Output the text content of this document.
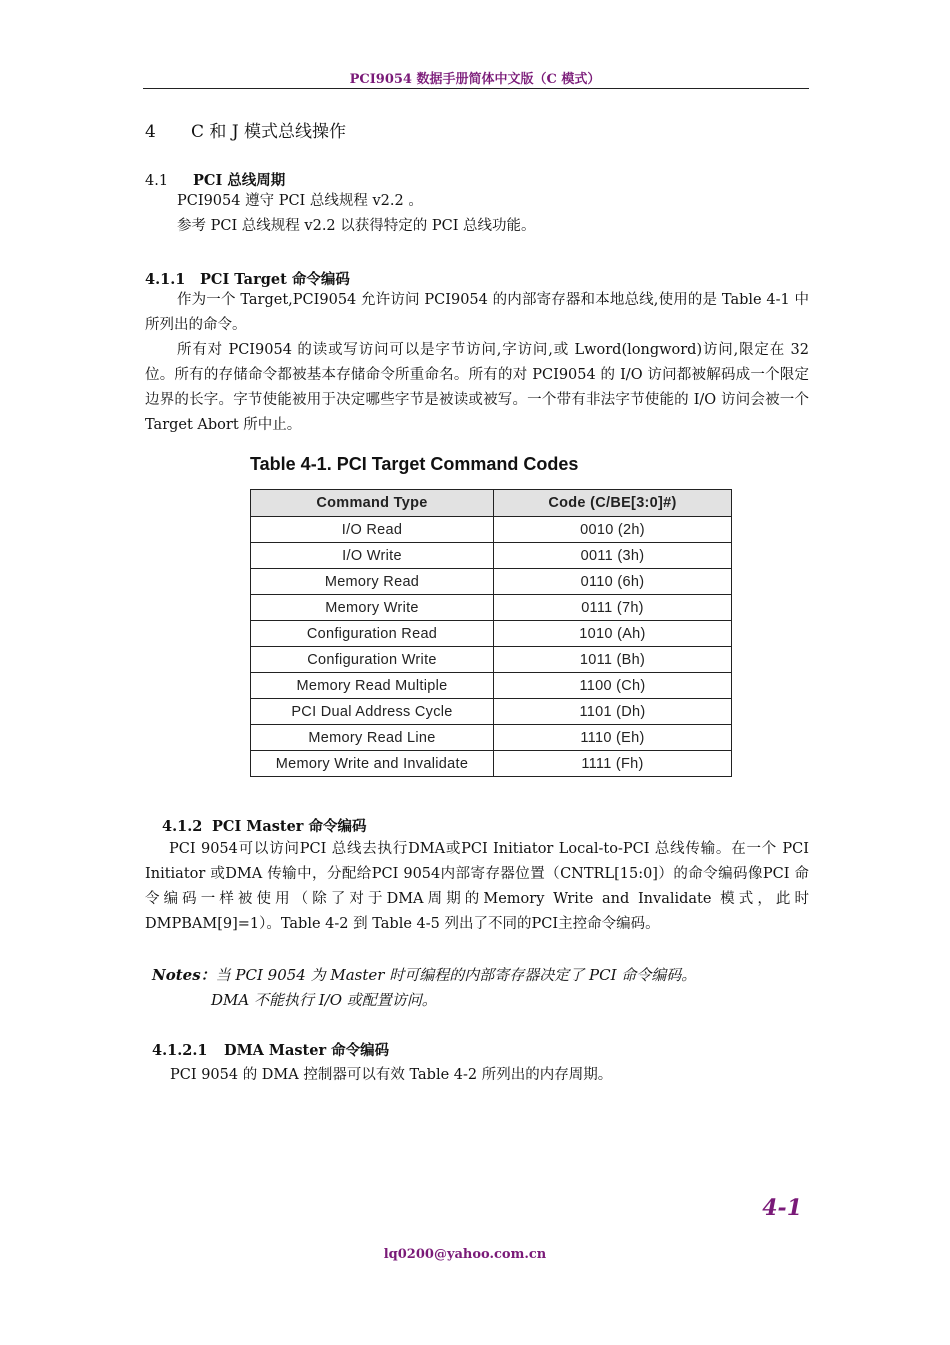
PCI9054 数据手册简体中文版（C 模式）
4 C 和 J 模式总线操作
4.1 PCI 总线周期
PCI9054 遵守 PCI 总线规程 v2.2 。
参考 PCI 总线规程 v2.2 以获得特定的 PCI 总线功能。
4.1.1 PCI Target 命令编码
作为一个 Target,PCI9054 允许访问 PCI9054 的内部寄存器和本地总线,使用的是 Table 4-1 中所列出的命令。
所有对 PCI9054 的读或写访问可以是字节访问,字访问,或 Lword(longword)访问,限定在 32 位。所有的存储命令都被基本存储命令所重命名。所有的对 PCI9054 的 I/O 访问都被解码成一个限定边界的长字。字节使能被用于决定哪些字节是被读或被写。一个带有非法字节使能的 I/O 访问会被一个 Target Abort 所中止。
Table 4-1. PCI Target Command Codes
Command Type	Code (C/BE[3:0]#)
I/O Read	0010 (2h)
I/O Write	0011 (3h)
Memory Read	0110 (6h)
Memory Write	0111 (7h)
Configuration Read	1010 (Ah)
Configuration Write	1011 (Bh)
Memory Read Multiple	1100 (Ch)
PCI Dual Address Cycle	1101 (Dh)
Memory Read Line	1110 (Eh)
Memory Write and Invalidate	1111 (Fh)
4.1.2 PCI Master 命令编码
PCI 9054可以访问PCI 总线去执行DMA或PCI Initiator Local-to-PCI 总线传输。在一个 PCI Initiator 或DMA 传输中，分配给PCI 9054内部寄存器位置（CNTRL[15:0]）的命令编码像PCI 命令编码一样被使用（除了对于DMA周期的Memory Write and Invalidate 模式，此时 DMPBAM[9]=1）。Table 4-2 到 Table 4-5 列出了不同的PCI主控命令编码。
Notes：当 PCI 9054 为 Master 时可编程的内部寄存器决定了 PCI 命令编码。
DMA 不能执行 I/O 或配置访问。
4.1.2.1 DMA Master 命令编码
PCI 9054 的 DMA 控制器可以有效 Table 4-2 所列出的内存周期。
4-1
lq0200@yahoo.com.cn
